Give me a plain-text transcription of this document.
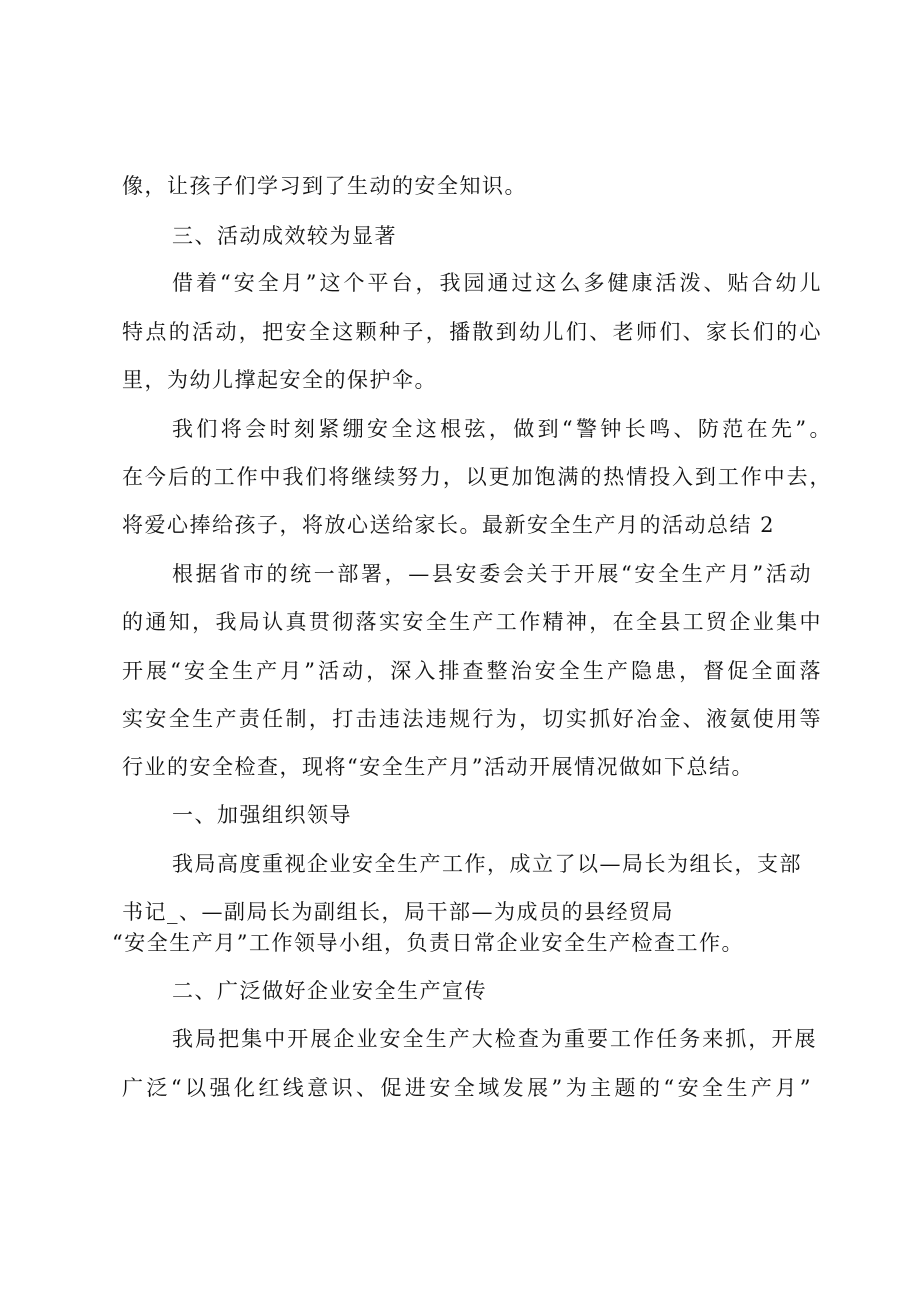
像，让孩子们学习到了生动的安全知识。
三、活动成效较为显著
借着“安全月”这个平台，我园通过这么多健康活泼、贴合幼儿
特点的活动，把安全这颗种子，播散到幼儿们、老师们、家长们的心
里，为幼儿撑起安全的保护伞。
我们将会时刻紧绷安全这根弦，做到“警钟长鸣、防范在先”。
在今后的工作中我们将继续努力，以更加饱满的热情投入到工作中去，
将爱心捧给孩子，将放心送给家长。最新安全生产月的活动总结 2
根据省市的统一部署，—县安委会关于开展“安全生产月”活动
的通知，我局认真贯彻落实安全生产工作精神，在全县工贸企业集中
开展“安全生产月”活动，深入排查整治安全生产隐患，督促全面落
实安全生产责任制，打击违法违规行为，切实抓好冶金、液氨使用等
行业的安全检查，现将“安全生产月”活动开展情况做如下总结。
一、加强组织领导
我局高度重视企业安全生产工作，成立了以—局长为组长，支部
书记_、—副局长为副组长，局干部—为成员的县经贸局
“安全生产月”工作领导小组，负责日常企业安全生产检查工作。
二、广泛做好企业安全生产宣传
我局把集中开展企业安全生产大检查为重要工作任务来抓，开展
广泛“以强化红线意识、促进安全域发展”为主题的“安全生产月”
